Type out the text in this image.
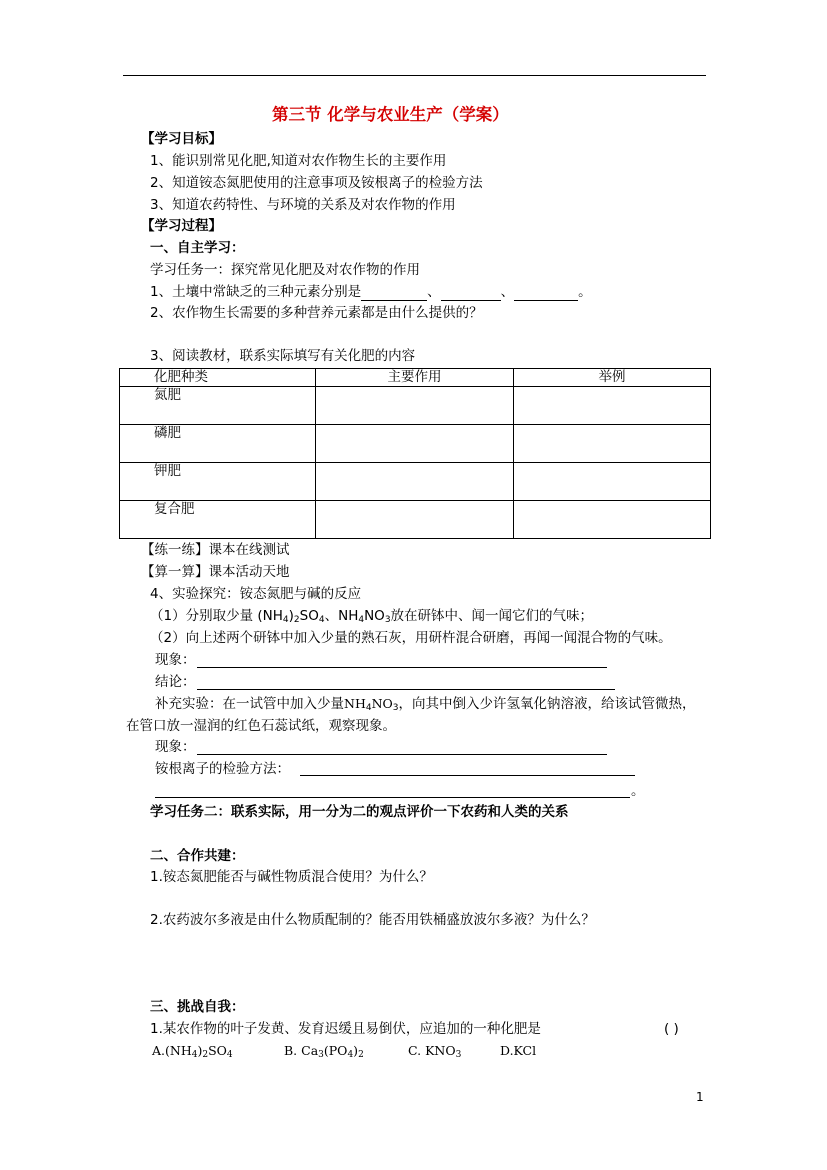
第三节 化学与农业生产（学案）
【学习目标】
1、能识别常见化肥,知道对农作物生长的主要作用
2、知道铵态氮肥使用的注意事项及铵根离子的检验方法
3、知道农药特性、与环境的关系及对农作物的作用
【学习过程】
一、自主学习：
学习任务一：探究常见化肥及对农作物的作用
1、土壤中常缺乏的三种元素分别是	、	、	。
2、农作物生长需要的多种营养元素都是由什么提供的？
3、阅读教材，联系实际填写有关化肥的内容
化肥种类	主要作用	举例
氮肥		
磷肥		
钾肥		
复合肥		
【练一练】课本在线测试
【算一算】课本活动天地
4、实验探究：铵态氮肥与碱的反应
（1）分别取少量 $(NH_4)_2SO_4$、$NH_4NO_3$放在研钵中、闻一闻它们的气味；
（2）向上述两个研钵中加入少量的熟石灰，用研杵混合研磨，再闻一闻混合物的气味。
现象：
结论：
补充实验：在一试管中加入少量$NH_4NO_3$，向其中倒入少许氢氧化钠溶液，给该试管微热，
在管口放一湿润的红色石蕊试纸，观察现象。
现象：
铵根离子的检验方法：
。
学习任务二：联系实际，用一分为二的观点评价一下农药和人类的关系
二、合作共建：
1.铵态氮肥能否与碱性物质混合使用？为什么？
2.农药波尔多液是由什么物质配制的？能否用铁桶盛放波尔多液？为什么？
三、挑战自我：
1.某农作物的叶子发黄、发育迟缓且易倒伏，应追加的一种化肥是	( )
$A.(NH_4)_2SO_4$	B. $Ca_3(PO_4)_2$	C. $KNO_3$	D.KCl
1
